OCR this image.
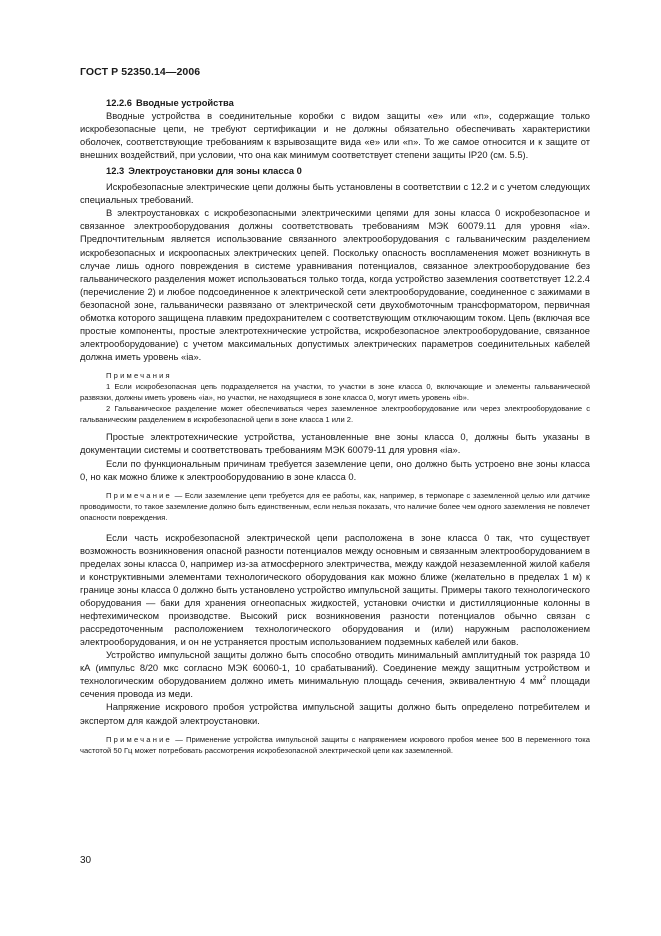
ГОСТ Р 52350.14—2006

12.2.6 Вводные устройства

Вводные устройства в соединительные коробки с видом защиты «е» или «n», содержащие только искробезопасные цепи, не требуют сертификации и не должны обязательно обеспечивать характеристики оболочек, соответствующие требованиям к взрывозащите вида «е» или «n». То же самое относится и к защите от внешних воздействий, при условии, что она как минимум соответствует степени защиты IP20 (см. 5.5).

12.3 Электроустановки для зоны класса 0

Искробезопасные электрические цепи должны быть установлены в соответствии с 12.2 и с учетом следующих специальных требований.

В электроустановках с искробезопасными электрическими цепями для зоны класса 0 искробезопасное и связанное электрооборудования должны соответствовать требованиям МЭК 60079.11 для уровня «ia». Предпочтительным является использование связанного электрооборудования с гальваническим разделением искробезопасных и искроопасных электрических цепей. Поскольку опасность воспламенения может возникнуть в случае лишь одного повреждения в системе уравнивания потенциалов, связанное электрооборудование без гальванического разделения может использоваться только тогда, когда устройство заземления соответствует 12.2.4 (перечисление 2) и любое подсоединенное к электрической сети электрооборудование, соединенное с зажимами в безопасной зоне, гальванически развязано от электрической сети двухобмоточным трансформатором, первичная обмотка которого защищена плавким предохранителем с соответствующим отключающим током. Цепь (включая все простые компоненты, простые электротехнические устройства, искробезопасное электрооборудование, связанное электрооборудование) с учетом максимальных допустимых электрических параметров соединительных кабелей должна иметь уровень «ia».

Примечания

1 Если искробезопасная цепь подразделяется на участки, то участки в зоне класса 0, включающие и элементы гальванической развязки, должны иметь уровень «ia», но участки, не находящиеся в зоне класса 0, могут иметь уровень «ib».

2 Гальваническое разделение может обеспечиваться через заземленное электрооборудование или через электрооборудование с гальваническим разделением в искробезопасной цепи в зоне класса 1 или 2.

Простые электротехнические устройства, установленные вне зоны класса 0, должны быть указаны в документации системы и соответствовать требованиям МЭК 60079-11 для уровня «ia».

Если по функциональным причинам требуется заземление цепи, оно должно быть устроено вне зоны класса 0, но как можно ближе к электрооборудованию в зоне класса 0.

Примечание — Если заземление цепи требуется для ее работы, как, например, в термопаре с заземленной целью или датчике проводимости, то такое заземление должно быть единственным, если нельзя показать, что наличие более чем одного заземления не повлечет опасности повреждения.

Если часть искробезопасной электрической цепи расположена в зоне класса 0 так, что существует возможность возникновения опасной разности потенциалов между основным и связанным электрооборудованием в пределах зоны класса 0, например из-за атмосферного электричества, между каждой незаземленной жилой кабеля и конструктивными элементами технологического оборудования как можно ближе (желательно в пределах 1 м) к границе зоны класса 0 должно быть установлено устройство импульсной защиты. Примеры такого технологического оборудования — баки для хранения огнеопасных жидкостей, установки очистки и дистилляционные колонны в нефтехимическом производстве. Высокий риск возникновения разности потенциалов обычно связан с рассредоточенным расположением технологического оборудования и (или) наружным расположением электрооборудования, и он не устраняется простым использованием подземных кабелей или баков.

Устройство импульсной защиты должно быть способно отводить минимальный амплитудный ток разряда 10 кА (импульс 8/20 мкс согласно МЭК 60060-1, 10 срабатываний). Соединение между защитным устройством и технологическим оборудованием должно иметь минимальную площадь сечения, эквивалентную 4 $мм^2$ площади сечения провода из меди.

Напряжение искрового пробоя устройства импульсной защиты должно быть определено потребителем и экспертом для каждой электроустановки.

Примечание — Применение устройства импульсной защиты с напряжением искрового пробоя менее 500 В переменного тока частотой 50 Гц может потребовать рассмотрения искробезопасной электрической цепи как заземленной.

30
